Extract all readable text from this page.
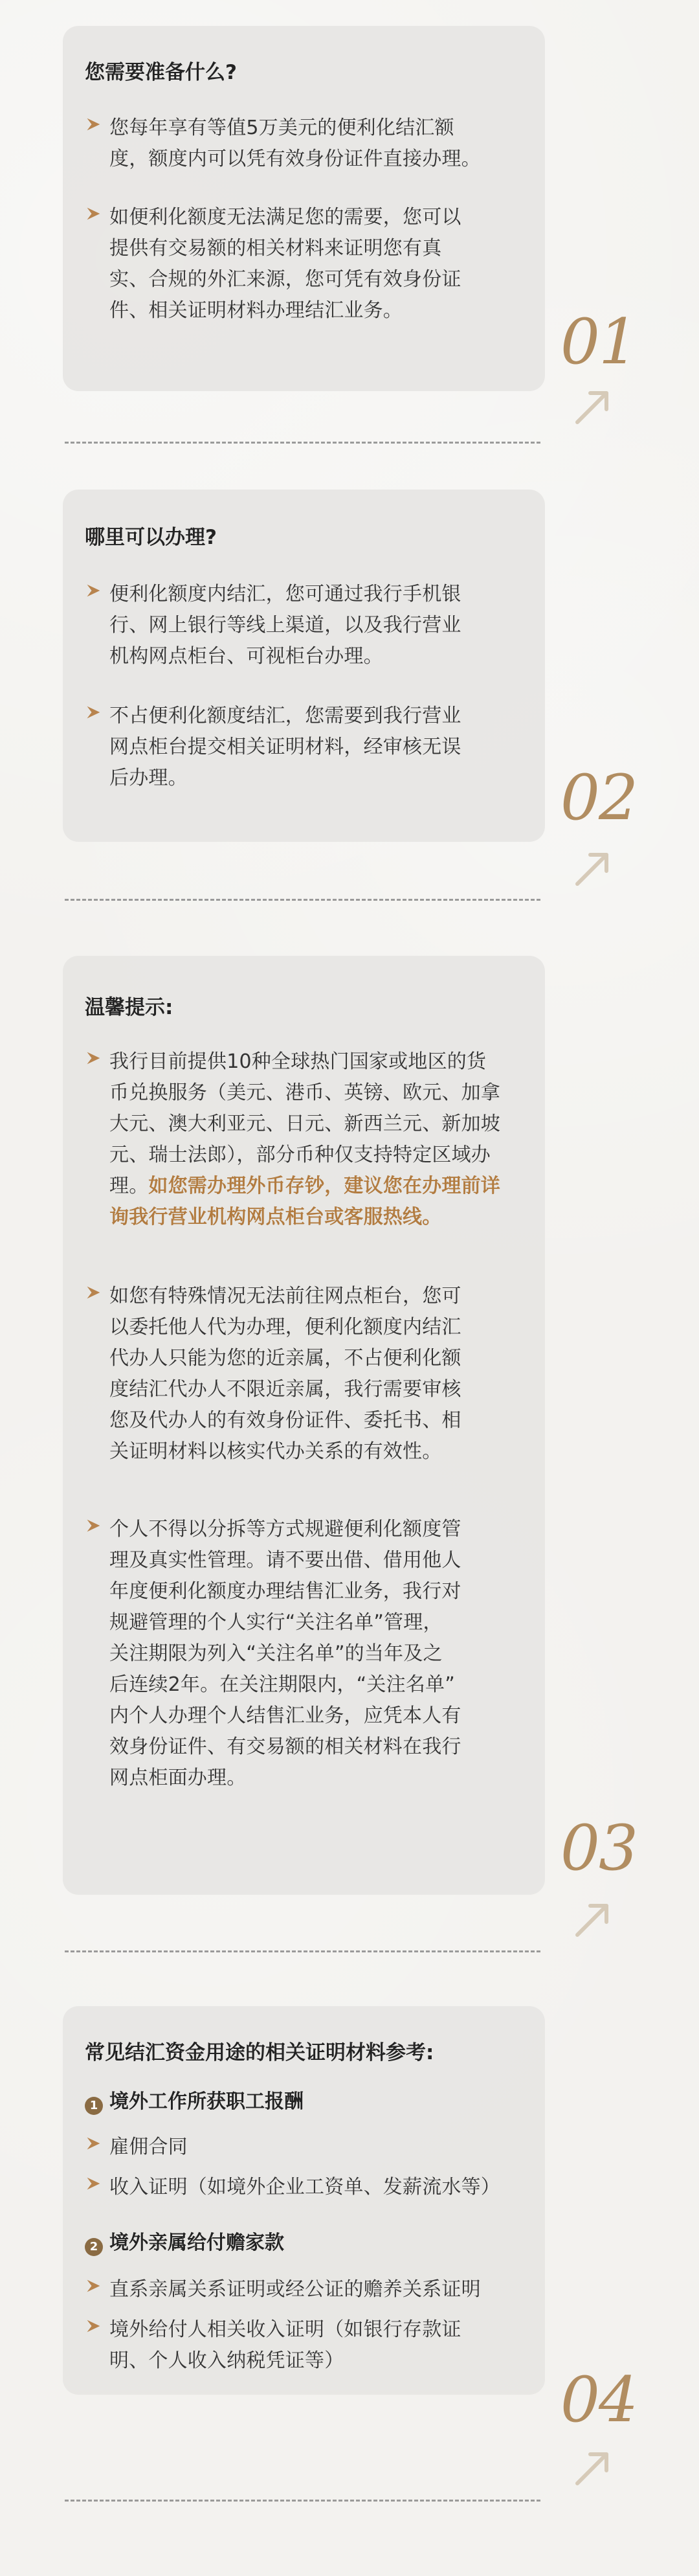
您需要准备什么?
您每年享有等值5万美元的便利化结汇额
度，额度内可以凭有效身份证件直接办理。
如便利化额度无法满足您的需要，您可以
提供有交易额的相关材料来证明您有真
实、合规的外汇来源，您可凭有效身份证
件、相关证明材料办理结汇业务。	01
哪里可以办理?
便利化额度内结汇，您可通过我行手机银
行、网上银行等线上渠道，以及我行营业
机构网点柜台、可视柜台办理。
不占便利化额度结汇，您需要到我行营业
网点柜台提交相关证明材料，经审核无误
后办理。	02
温馨提示:
我行目前提供10种全球热门国家或地区的货
币兑换服务（美元、港币、英镑、欧元、加拿
大元、澳大利亚元、日元、新西兰元、新加坡
元、瑞士法郎），部分币种仅支持特定区域办
理。如您需办理外币存钞，建议您在办理前详
询我行营业机构网点柜台或客服热线。
如您有特殊情况无法前往网点柜台，您可
以委托他人代为办理，便利化额度内结汇
代办人只能为您的近亲属，不占便利化额
度结汇代办人不限近亲属，我行需要审核
您及代办人的有效身份证件、委托书、相
关证明材料以核实代办关系的有效性。
个人不得以分拆等方式规避便利化额度管
理及真实性管理。请不要出借、借用他人
年度便利化额度办理结售汇业务，我行对
规避管理的个人实行“关注名单”管理，
关注期限为列入“关注名单”的当年及之
后连续2年。在关注期限内，“关注名单”
内个人办理个人结售汇业务，应凭本人有
效身份证件、有交易额的相关材料在我行
网点柜面办理。
03
常见结汇资金用途的相关证明材料参考:
1 境外工作所获职工报酬
雇佣合同
收入证明（如境外企业工资单、发薪流水等）
2 境外亲属给付赡家款
直系亲属关系证明或经公证的赡养关系证明
境外给付人相关收入证明（如银行存款证
明、个人收入纳税凭证等）
04
